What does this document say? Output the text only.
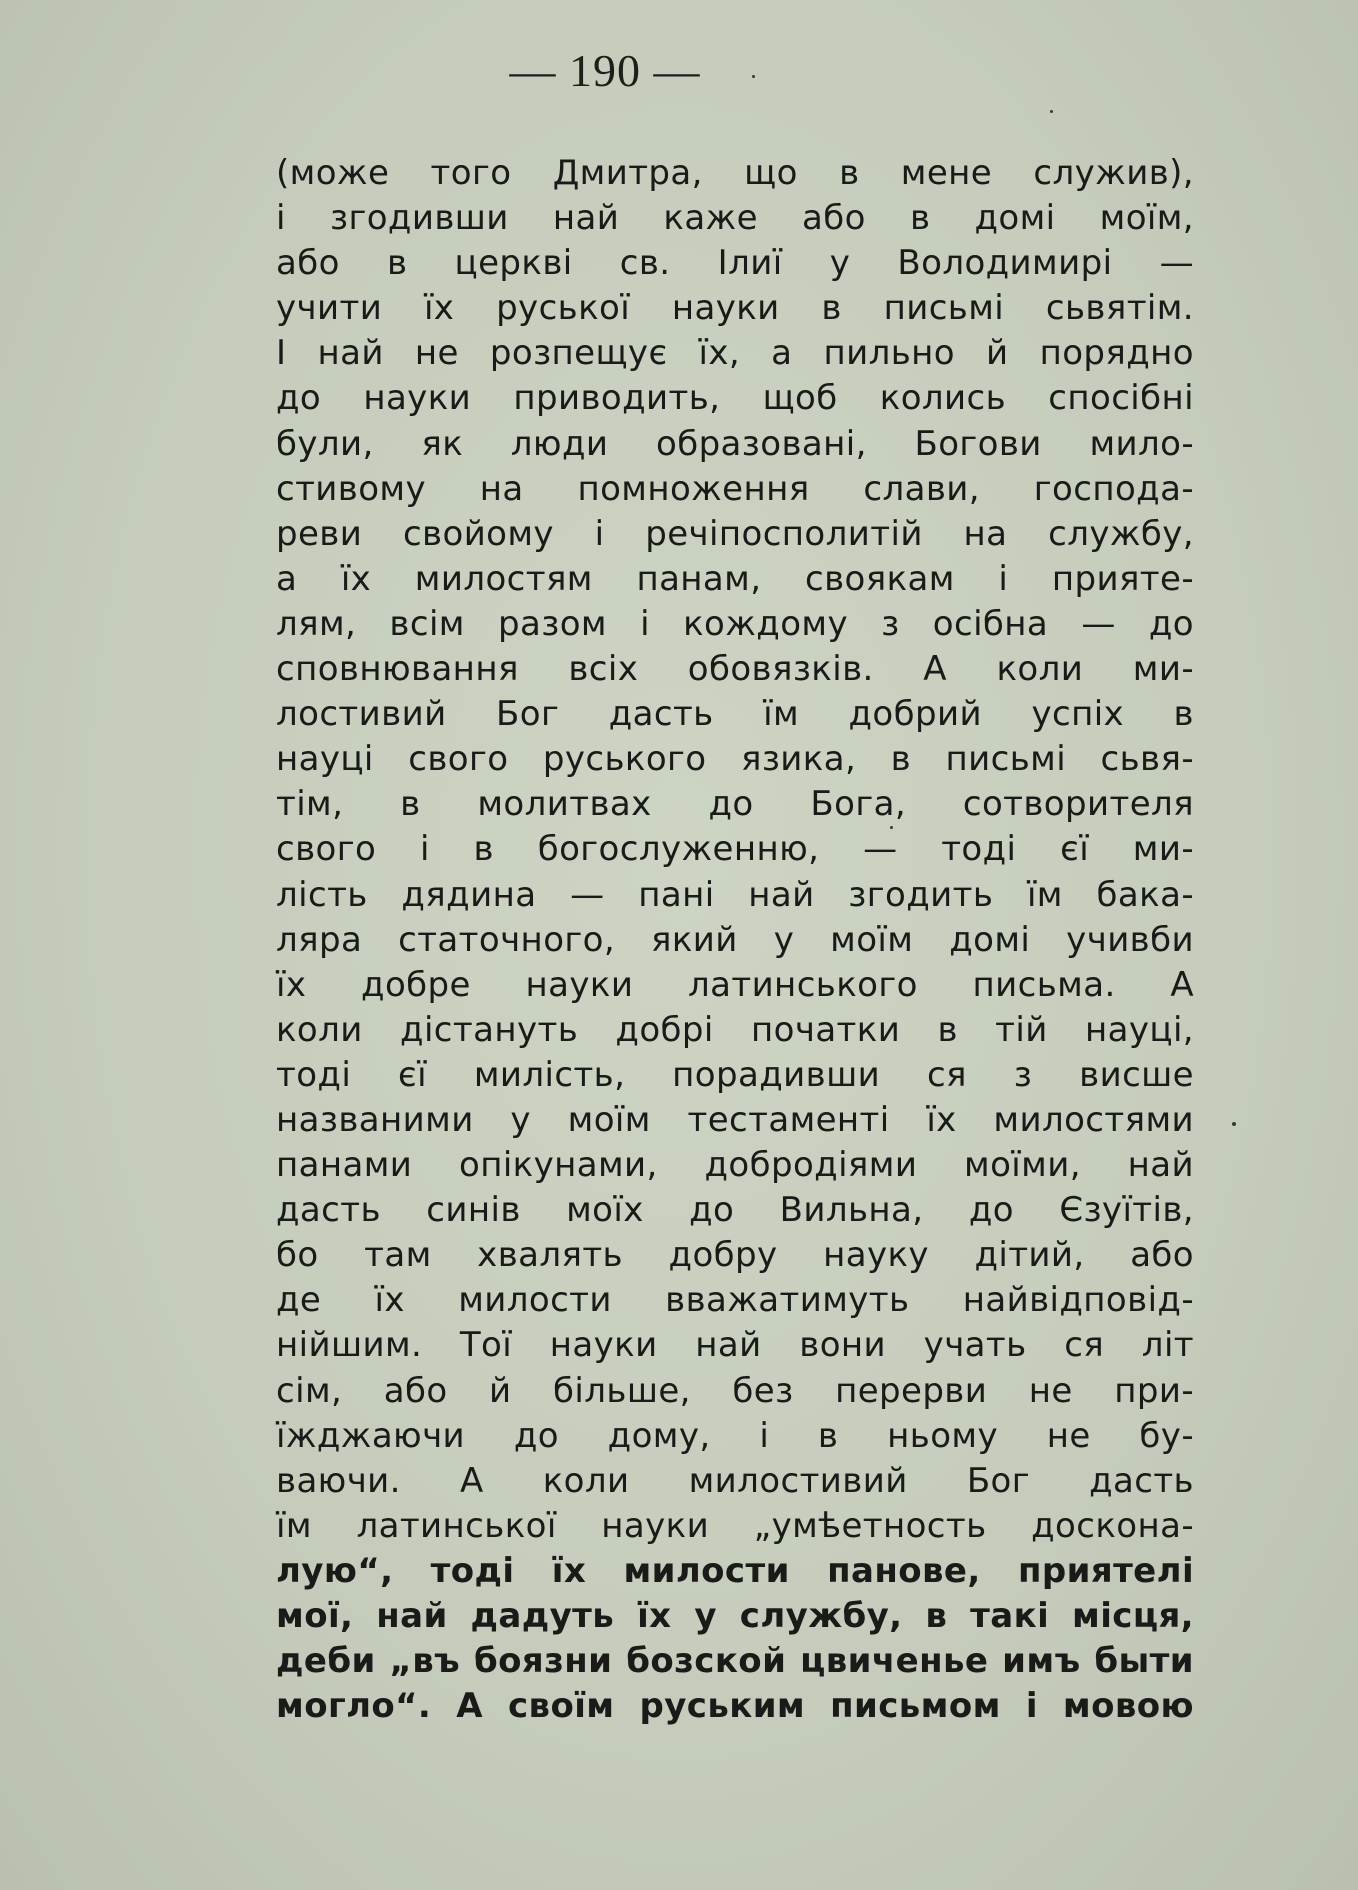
— 190 —
(може того Дмитра, що в мене служив),
і згодивши най каже або в домі моїм,
або в церкві св. Ілиї у Володимирі —
учити їх руської науки в письмі сьвятім.
І най не розпещує їх, а пильно й порядно
до науки приводить, щоб колись спосібні
були, як люди образовані, Богови мило-
стивому на помноження слави, господа-
реви свойому і речіпосполитій на службу,
а їх милостям панам, своякам і прияте-
лям, всім разом і кождому з осібна — до
сповнювання всіх обовязків. А коли ми-
лостивий Бог дасть їм добрий успіх в
науці свого руського язика, в письмі сьвя-
тім, в молитвах до Бога, сотворителя
свого і в богослуженню, — тоді єї ми-
лість дядина — пані най згодить їм бака-
ляра статочного, який у моїм домі учивби
їх добре науки латинського письма. А
коли дістануть добрі початки в тій науці,
тоді єї милість, порадивши ся з висше
названими у моїм тестаменті їх милостями
панами опікунами, добродіями моїми, най
дасть синів моїх до Вильна, до Єзуїтів,
бо там хвалять добру науку дітий, або
де їх милости вважатимуть найвідповід-
нійшим. Тої науки най вони учать ся літ
сім, або й більше, без перерви не при-
їжджаючи до дому, і в ньому не бу-
ваючи. А коли милостивий Бог дасть
їм латинської науки „умѣетность доскона-
лую“, тоді їх милости панове, приятелі
мої, най дадуть їх у службу, в такі місця,
деби „въ боязни бозской цвиченье имъ быти
могло“. А своїм руським письмом і мовою
